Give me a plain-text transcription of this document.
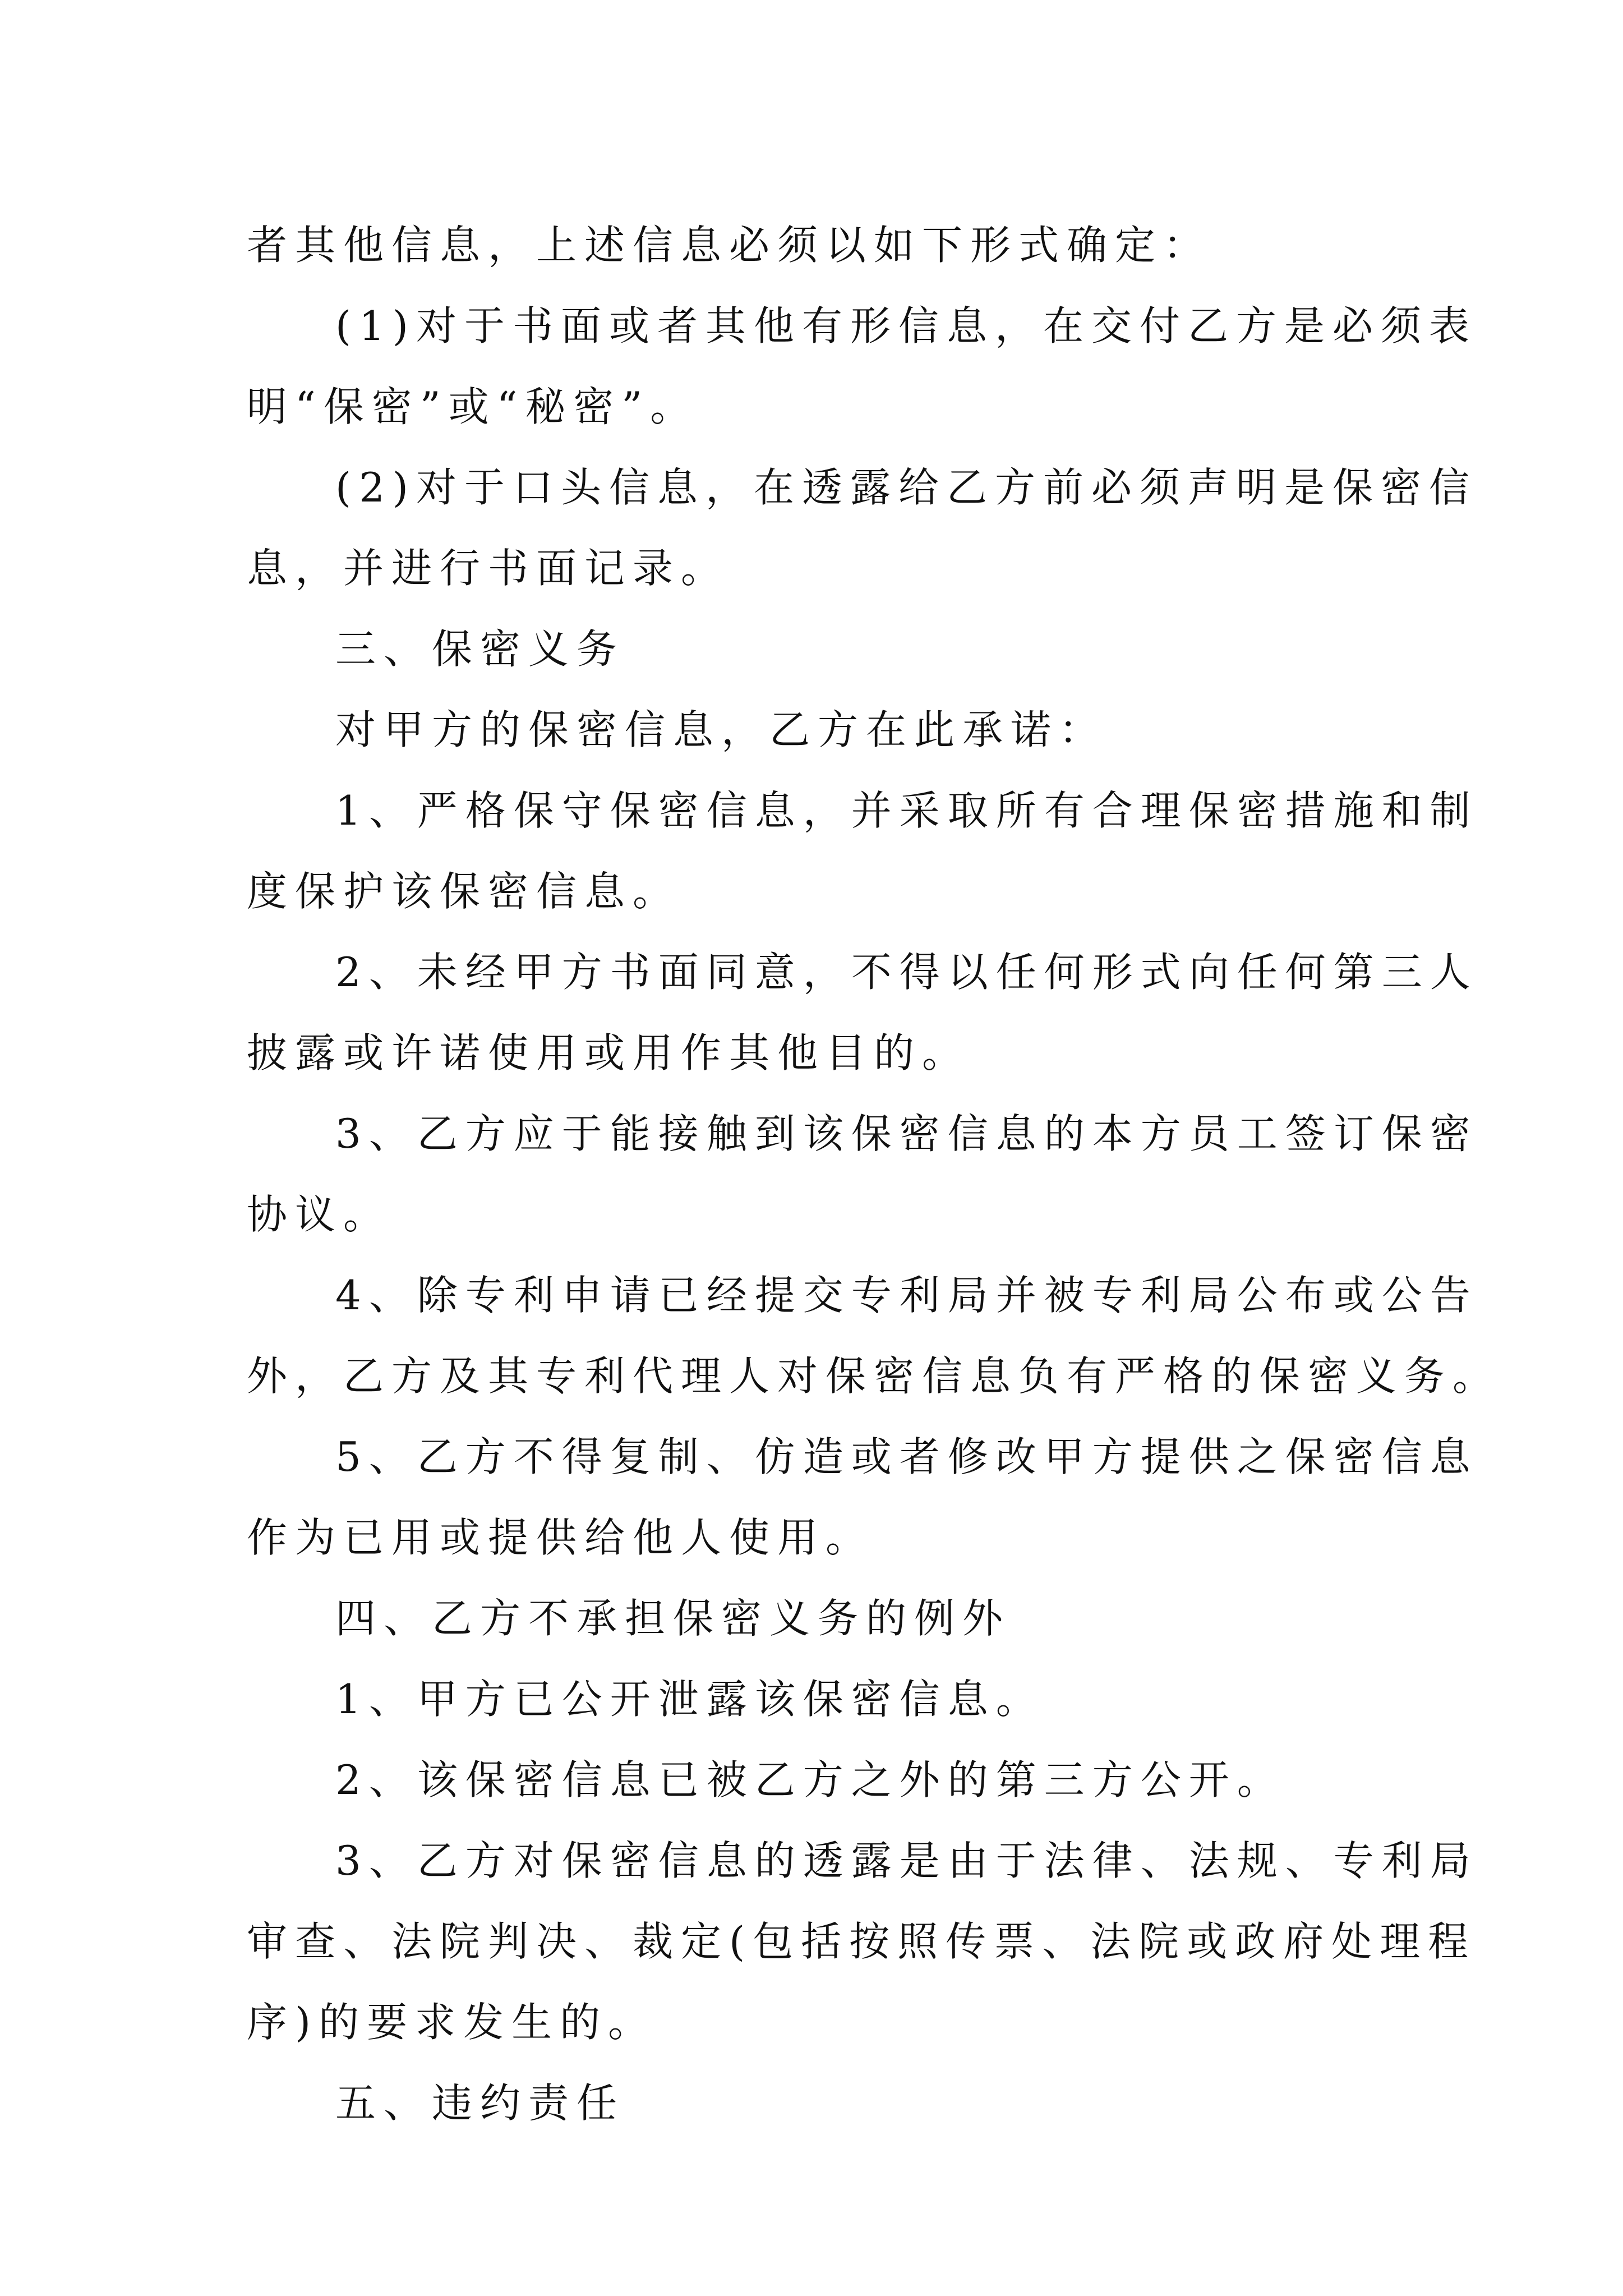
者其他信息，上述信息必须以如下形式确定：
(1)对于书面或者其他有形信息，在交付乙方是必须表
明“保密”或“秘密”。
(2)对于口头信息，在透露给乙方前必须声明是保密信
息，并进行书面记录。
三、保密义务
对甲方的保密信息，乙方在此承诺：
1、严格保守保密信息，并采取所有合理保密措施和制
度保护该保密信息。
2、未经甲方书面同意，不得以任何形式向任何第三人
披露或许诺使用或用作其他目的。
3、乙方应于能接触到该保密信息的本方员工签订保密
协议。
4、除专利申请已经提交专利局并被专利局公布或公告
外，乙方及其专利代理人对保密信息负有严格的保密义务。
5、乙方不得复制、仿造或者修改甲方提供之保密信息
作为已用或提供给他人使用。
四、乙方不承担保密义务的例外
1、甲方已公开泄露该保密信息。
2、该保密信息已被乙方之外的第三方公开。
3、乙方对保密信息的透露是由于法律、法规、专利局
审查、法院判决、裁定(包括按照传票、法院或政府处理程
序)的要求发生的。
五、违约责任
